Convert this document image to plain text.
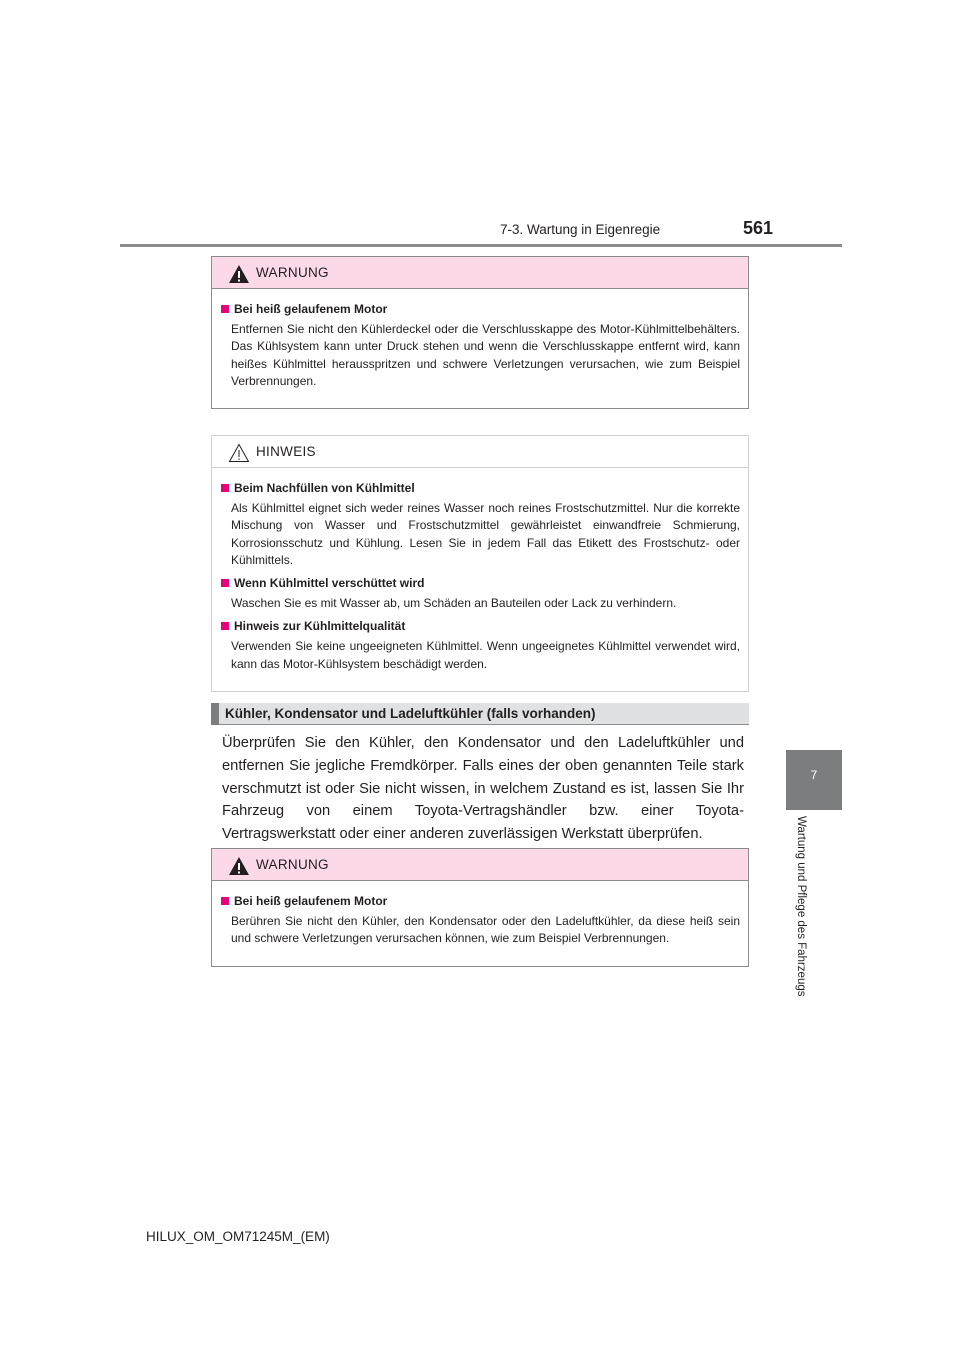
7-3. Wartung in Eigenregie	561
7
Wartung und Pflege des Fahrzeugs
WARNUNG
Bei heiß gelaufenem Motor
Entfernen Sie nicht den Kühlerdeckel oder die Verschlusskappe des Motor-Kühlmittelbehälters. Das Kühlsystem kann unter Druck stehen und wenn die Verschlusskappe entfernt wird, kann heißes Kühlmittel herausspritzen und schwere Verletzungen verursachen, wie zum Beispiel Verbrennungen.
HINWEIS
Beim Nachfüllen von Kühlmittel
Als Kühlmittel eignet sich weder reines Wasser noch reines Frostschutzmittel. Nur die korrekte Mischung von Wasser und Frostschutzmittel gewährleistet einwandfreie Schmierung, Korrosionsschutz und Kühlung. Lesen Sie in jedem Fall das Etikett des Frostschutz- oder Kühlmittels.
Wenn Kühlmittel verschüttet wird
Waschen Sie es mit Wasser ab, um Schäden an Bauteilen oder Lack zu verhindern.
Hinweis zur Kühlmittelqualität
Verwenden Sie keine ungeeigneten Kühlmittel. Wenn ungeeignetes Kühlmittel verwendet wird, kann das Motor-Kühlsystem beschädigt werden.
Kühler, Kondensator und Ladeluftkühler (falls vorhanden)
Überprüfen Sie den Kühler, den Kondensator und den Ladeluftkühler und entfernen Sie jegliche Fremdkörper. Falls eines der oben genannten Teile stark verschmutzt ist oder Sie nicht wissen, in welchem Zustand es ist, lassen Sie Ihr Fahrzeug von einem Toyota-Vertragshändler bzw. einer Toyota-Vertragswerkstatt oder einer anderen zuverlässigen Werkstatt überprüfen.
WARNUNG
Bei heiß gelaufenem Motor
Berühren Sie nicht den Kühler, den Kondensator oder den Ladeluftkühler, da diese heiß sein und schwere Verletzungen verursachen können, wie zum Beispiel Verbrennungen.
HILUX_OM_OM71245M_(EM)
